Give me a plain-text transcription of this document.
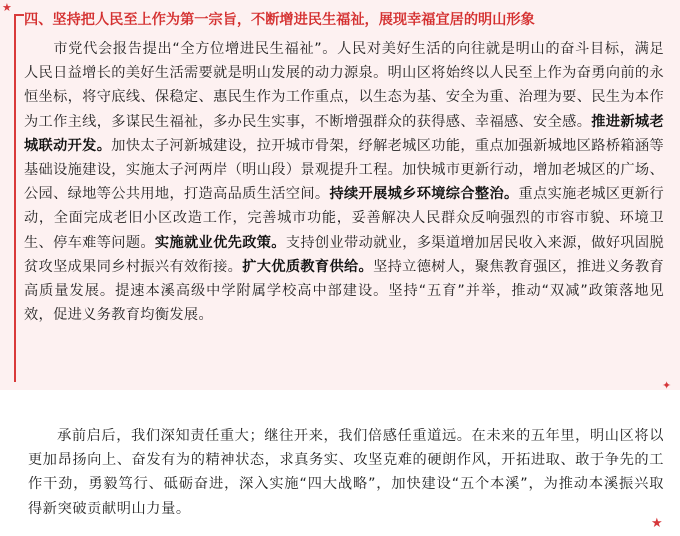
★
四、坚持把人民至上作为第一宗旨，不断增进民生福祉，展现幸福宜居的明山形象
市党代会报告提出“全方位增进民生福祉”。人民对美好生活的向往就是明山的奋斗目标，满足人民日益增长的美好生活需要就是明山发展的动力源泉。明山区将始终以人民至上作为奋勇向前的永恒坐标，将守底线、保稳定、惠民生作为工作重点，以生态为基、安全为重、治理为要、民生为本作为工作主线，多谋民生福祉，多办民生实事，不断增强群众的获得感、幸福感、安全感。推进新城老城联动开发。加快太子河新城建设，拉开城市骨架，纾解老城区功能，重点加强新城地区路桥箱涵等基础设施建设，实施太子河两岸（明山段）景观提升工程。加快城市更新行动，增加老城区的广场、公园、绿地等公共用地，打造高品质生活空间。持续开展城乡环境综合整治。重点实施老城区更新行动，全面完成老旧小区改造工作，完善城市功能，妥善解决人民群众反响强烈的市容市貌、环境卫生、停车难等问题。实施就业优先政策。支持创业带动就业，多渠道增加居民收入来源，做好巩固脱贫攻坚成果同乡村振兴有效衔接。扩大优质教育供给。坚持立德树人，聚焦教育强区，推进义务教育高质量发展。提速本溪高级中学附属学校高中部建设。坚持“五育”并举，推动“双减”政策落地见效，促进义务教育均衡发展。
✦
承前启后，我们深知责任重大；继往开来，我们倍感任重道远。在未来的五年里，明山区将以更加昂扬向上、奋发有为的精神状态，求真务实、攻坚克难的硬朗作风，开拓进取、敢于争先的工作干劲，勇毅笃行、砥砺奋进，深入实施“四大战略”，加快建设“五个本溪”，为推动本溪振兴取得新突破贡献明山力量。
★
